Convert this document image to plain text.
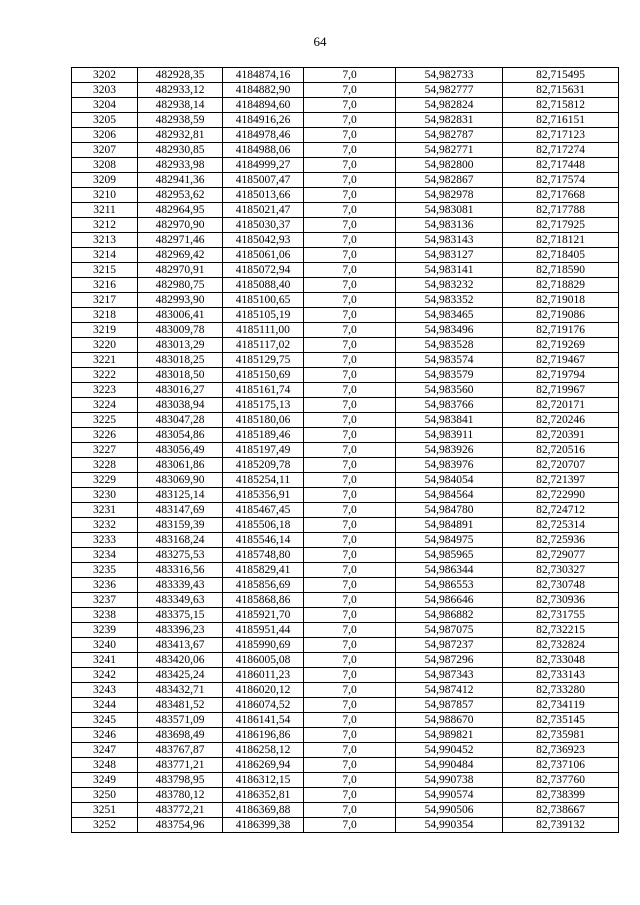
64
3202	482928,35	4184874,16	7,0	54,982733	82,715495
3203	482933,12	4184882,90	7,0	54,982777	82,715631
3204	482938,14	4184894,60	7,0	54,982824	82,715812
3205	482938,59	4184916,26	7,0	54,982831	82,716151
3206	482932,81	4184978,46	7,0	54,982787	82,717123
3207	482930,85	4184988,06	7,0	54,982771	82,717274
3208	482933,98	4184999,27	7,0	54,982800	82,717448
3209	482941,36	4185007,47	7,0	54,982867	82,717574
3210	482953,62	4185013,66	7,0	54,982978	82,717668
3211	482964,95	4185021,47	7,0	54,983081	82,717788
3212	482970,90	4185030,37	7,0	54,983136	82,717925
3213	482971,46	4185042,93	7,0	54,983143	82,718121
3214	482969,42	4185061,06	7,0	54,983127	82,718405
3215	482970,91	4185072,94	7,0	54,983141	82,718590
3216	482980,75	4185088,40	7,0	54,983232	82,718829
3217	482993,90	4185100,65	7,0	54,983352	82,719018
3218	483006,41	4185105,19	7,0	54,983465	82,719086
3219	483009,78	4185111,00	7,0	54,983496	82,719176
3220	483013,29	4185117,02	7,0	54,983528	82,719269
3221	483018,25	4185129,75	7,0	54,983574	82,719467
3222	483018,50	4185150,69	7,0	54,983579	82,719794
3223	483016,27	4185161,74	7,0	54,983560	82,719967
3224	483038,94	4185175,13	7,0	54,983766	82,720171
3225	483047,28	4185180,06	7,0	54,983841	82,720246
3226	483054,86	4185189,46	7,0	54,983911	82,720391
3227	483056,49	4185197,49	7,0	54,983926	82,720516
3228	483061,86	4185209,78	7,0	54,983976	82,720707
3229	483069,90	4185254,11	7,0	54,984054	82,721397
3230	483125,14	4185356,91	7,0	54,984564	82,722990
3231	483147,69	4185467,45	7,0	54,984780	82,724712
3232	483159,39	4185506,18	7,0	54,984891	82,725314
3233	483168,24	4185546,14	7,0	54,984975	82,725936
3234	483275,53	4185748,80	7,0	54,985965	82,729077
3235	483316,56	4185829,41	7,0	54,986344	82,730327
3236	483339,43	4185856,69	7,0	54,986553	82,730748
3237	483349,63	4185868,86	7,0	54,986646	82,730936
3238	483375,15	4185921,70	7,0	54,986882	82,731755
3239	483396,23	4185951,44	7,0	54,987075	82,732215
3240	483413,67	4185990,69	7,0	54,987237	82,732824
3241	483420,06	4186005,08	7,0	54,987296	82,733048
3242	483425,24	4186011,23	7,0	54,987343	82,733143
3243	483432,71	4186020,12	7,0	54,987412	82,733280
3244	483481,52	4186074,52	7,0	54,987857	82,734119
3245	483571,09	4186141,54	7,0	54,988670	82,735145
3246	483698,49	4186196,86	7,0	54,989821	82,735981
3247	483767,87	4186258,12	7,0	54,990452	82,736923
3248	483771,21	4186269,94	7,0	54,990484	82,737106
3249	483798,95	4186312,15	7,0	54,990738	82,737760
3250	483780,12	4186352,81	7,0	54,990574	82,738399
3251	483772,21	4186369,88	7,0	54,990506	82,738667
3252	483754,96	4186399,38	7,0	54,990354	82,739132
